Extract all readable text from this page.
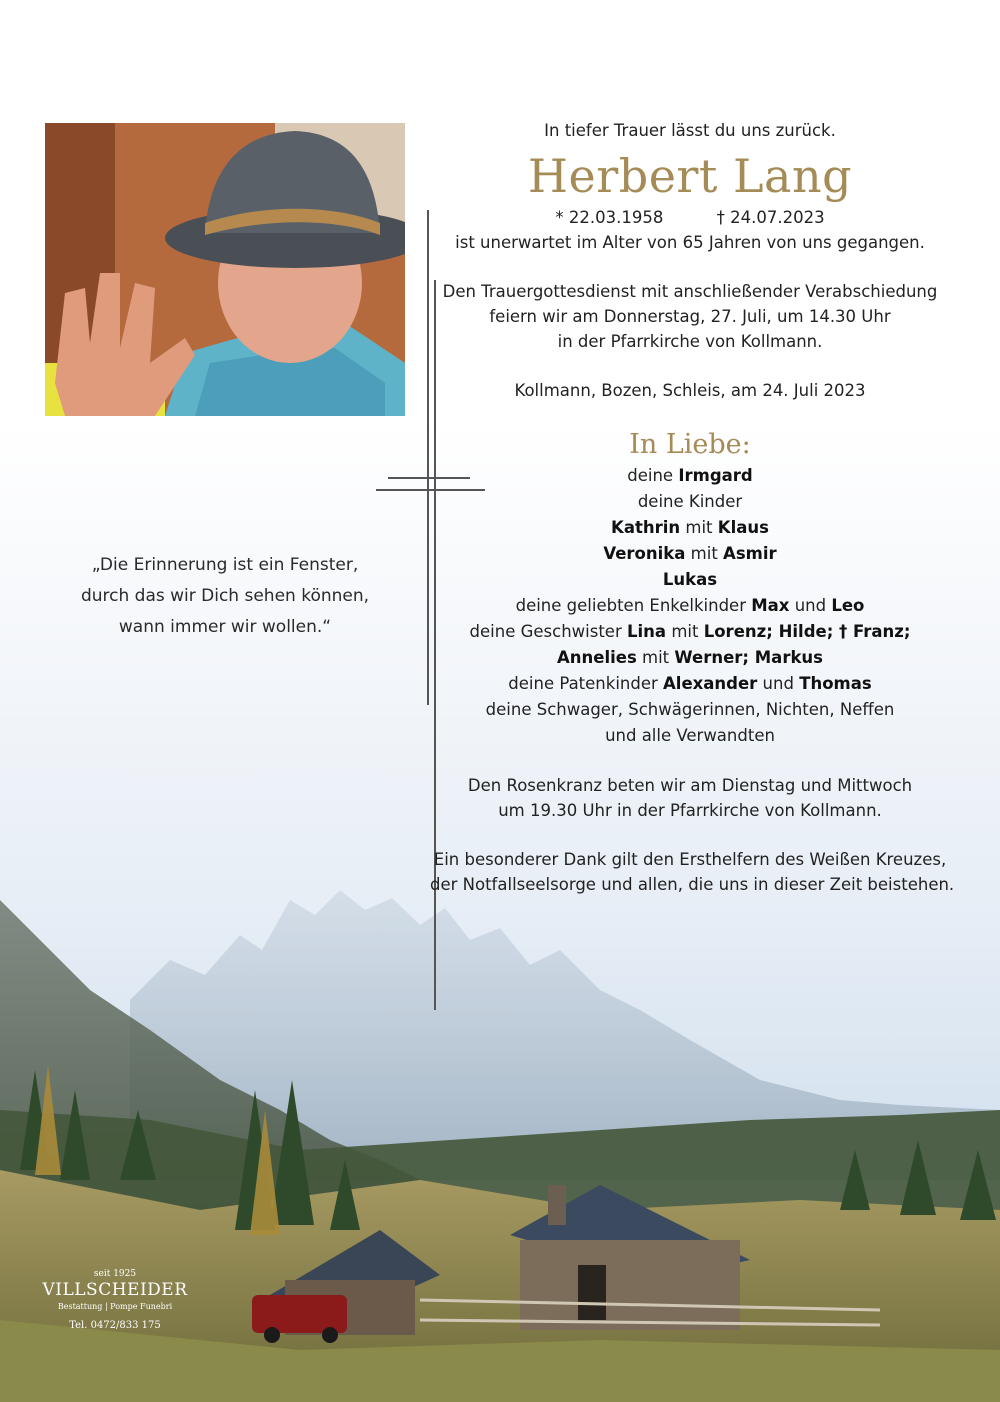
„Die Erinnerung ist ein Fenster,
durch das wir Dich sehen können,
wann immer wir wollen.“
In tiefer Trauer lässt du uns zurück.
Herbert Lang
* 22.03.1958	† 24.07.2023
ist unerwartet im Alter von 65 Jahren von uns gegangen.
Den Trauergottesdienst mit anschließender Verabschiedung
feiern wir am Donnerstag, 27. Juli, um 14.30 Uhr
in der Pfarrkirche von Kollmann.
Kollmann, Bozen, Schleis, am 24. Juli 2023
In Liebe:
deine Irmgard
deine Kinder
Kathrin mit Klaus
Veronika mit Asmir
Lukas
deine geliebten Enkelkinder Max und Leo
deine Geschwister Lina mit Lorenz; Hilde; † Franz;
Annelies mit Werner; Markus
deine Patenkinder Alexander und Thomas
deine Schwager, Schwägerinnen, Nichten, Neffen
und alle Verwandten
Den Rosenkranz beten wir am Dienstag und Mittwoch
um 19.30 Uhr in der Pfarrkirche von Kollmann.
Ein besonderer Dank gilt den Ersthelfern des Weißen Kreuzes,
der Notfallseelsorge und allen, die uns in dieser Zeit beistehen.
seit 1925
VILLSCHEIDER
Bestattung | Pompe Funebri
Tel. 0472/833 175
